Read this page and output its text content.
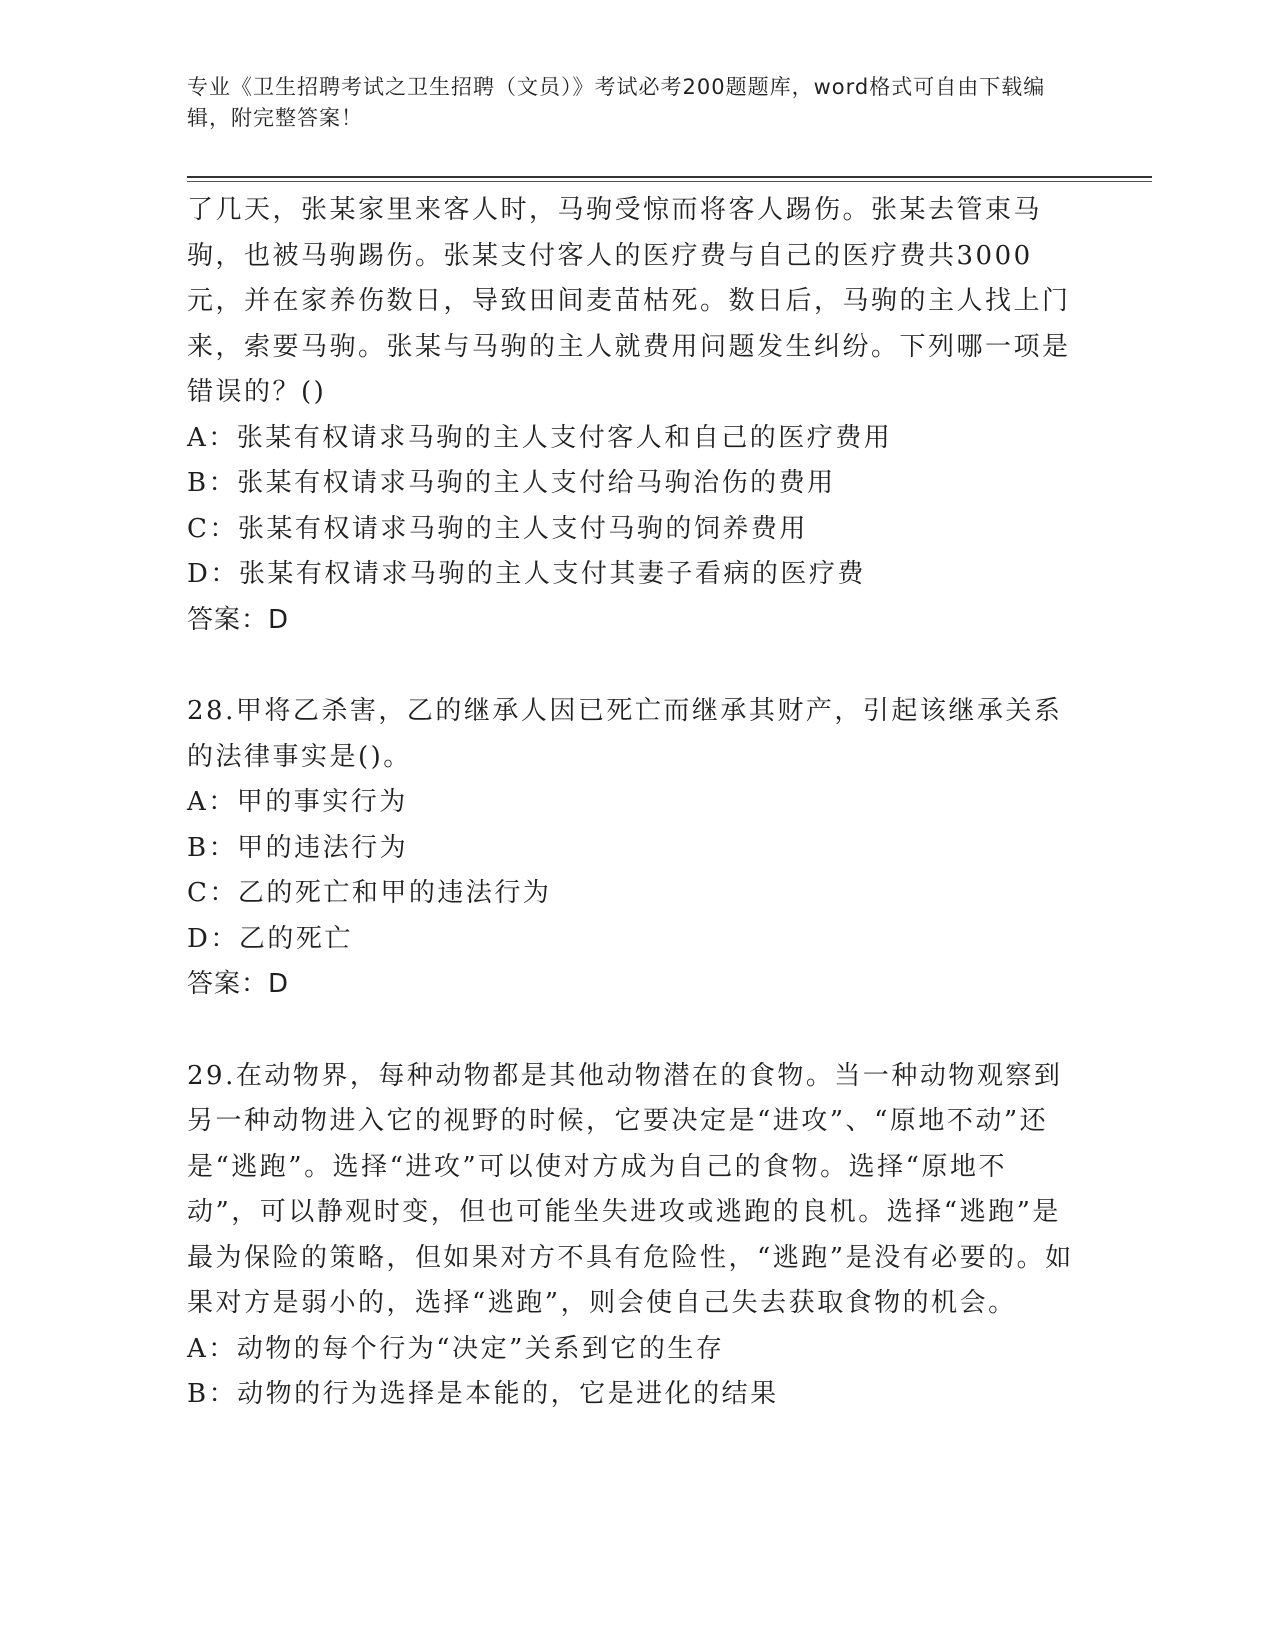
专业《卫生招聘考试之卫生招聘（文员）》考试必考200题题库，word格式可自由下载编辑，附完整答案！

了几天，张某家里来客人时，马驹受惊而将客人踢伤。张某去管束马驹，也被马驹踢伤。张某支付客人的医疗费与自己的医疗费共3000元，并在家养伤数日，导致田间麦苗枯死。数日后，马驹的主人找上门来，索要马驹。张某与马驹的主人就费用问题发生纠纷。下列哪一项是错误的？()

A：张某有权请求马驹的主人支付客人和自己的医疗费用

B：张某有权请求马驹的主人支付给马驹治伤的费用

C：张某有权请求马驹的主人支付马驹的饲养费用

D：张某有权请求马驹的主人支付其妻子看病的医疗费

答案：D

28.甲将乙杀害，乙的继承人因已死亡而继承其财产，引起该继承关系的法律事实是()。

A：甲的事实行为

B：甲的违法行为

C：乙的死亡和甲的违法行为

D：乙的死亡

答案：D

29.在动物界，每种动物都是其他动物潜在的食物。当一种动物观察到另一种动物进入它的视野的时候，它要决定是“进攻”、“原地不动”还是“逃跑”。选择“进攻”可以使对方成为自己的食物。选择“原地不动”，可以静观时变，但也可能坐失进攻或逃跑的良机。选择“逃跑”是最为保险的策略，但如果对方不具有危险性，“逃跑”是没有必要的。如果对方是弱小的，选择“逃跑”，则会使自己失去获取食物的机会。

A：动物的每个行为“决定”关系到它的生存

B：动物的行为选择是本能的，它是进化的结果
